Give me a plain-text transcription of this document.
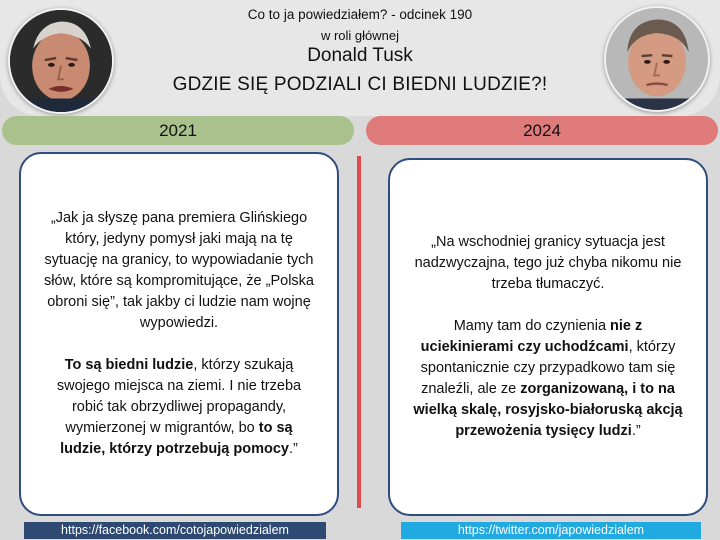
Co to ja powiedziałem? - odcinek 190
w roli głównej
Donald Tusk
GDZIE SIĘ PODZIALI CI BIEDNI LUDZIE?!
2021	2024

„Jak ja słyszę pana premiera Glińskiego który, jedyny pomysł jaki mają na tę sytuację na granicy, to wypowiadanie tych słów, które są kompromitujące, że „Polska obroni się”, tak jakby ci ludzie nam wojnę wypowiedzi.

To są biedni ludzie, którzy szukają swojego miejsca na ziemi. I nie trzeba robić tak obrzydliwej propagandy, wymierzonej w migrantów, bo to są ludzie, którzy potrzebują pomocy.”

„Na wschodniej granicy sytuacja jest nadzwyczajna, tego już chyba nikomu nie trzeba tłumaczyć.

Mamy tam do czynienia nie z uciekinierami czy uchodźcami, którzy spontanicznie czy przypadkowo tam się znaleźli, ale ze zorganizowaną, i to na wielką skalę, rosyjsko-białoruską akcją przewożenia tysięcy ludzi.”

https://facebook.com/cotojapowiedzialem	https://twitter.com/japowiedzialem
